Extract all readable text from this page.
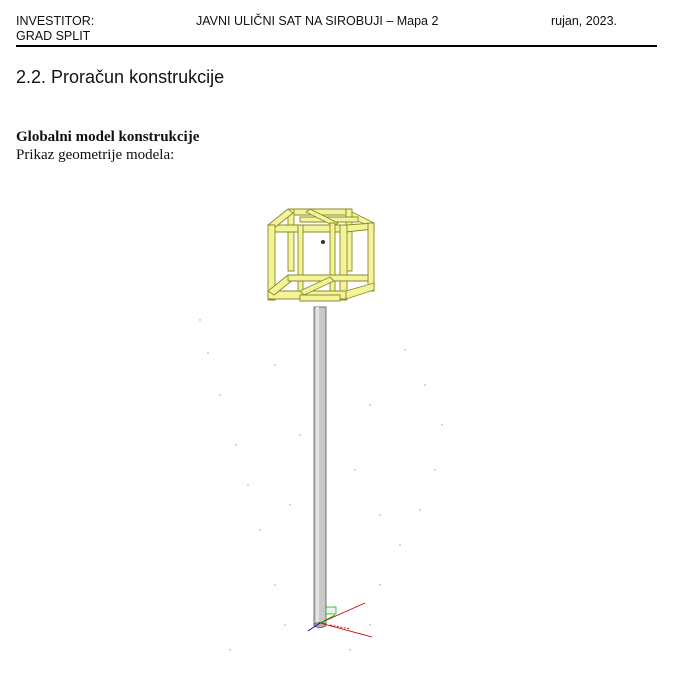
INVESTITOR:
GRAD SPLIT
JAVNI ULIČNI SAT NA SIROBUJI – Mapa 2	rujan, 2023.
2.2. Proračun konstrukcije
Globalni model konstrukcije
Prikaz geometrije modela:
